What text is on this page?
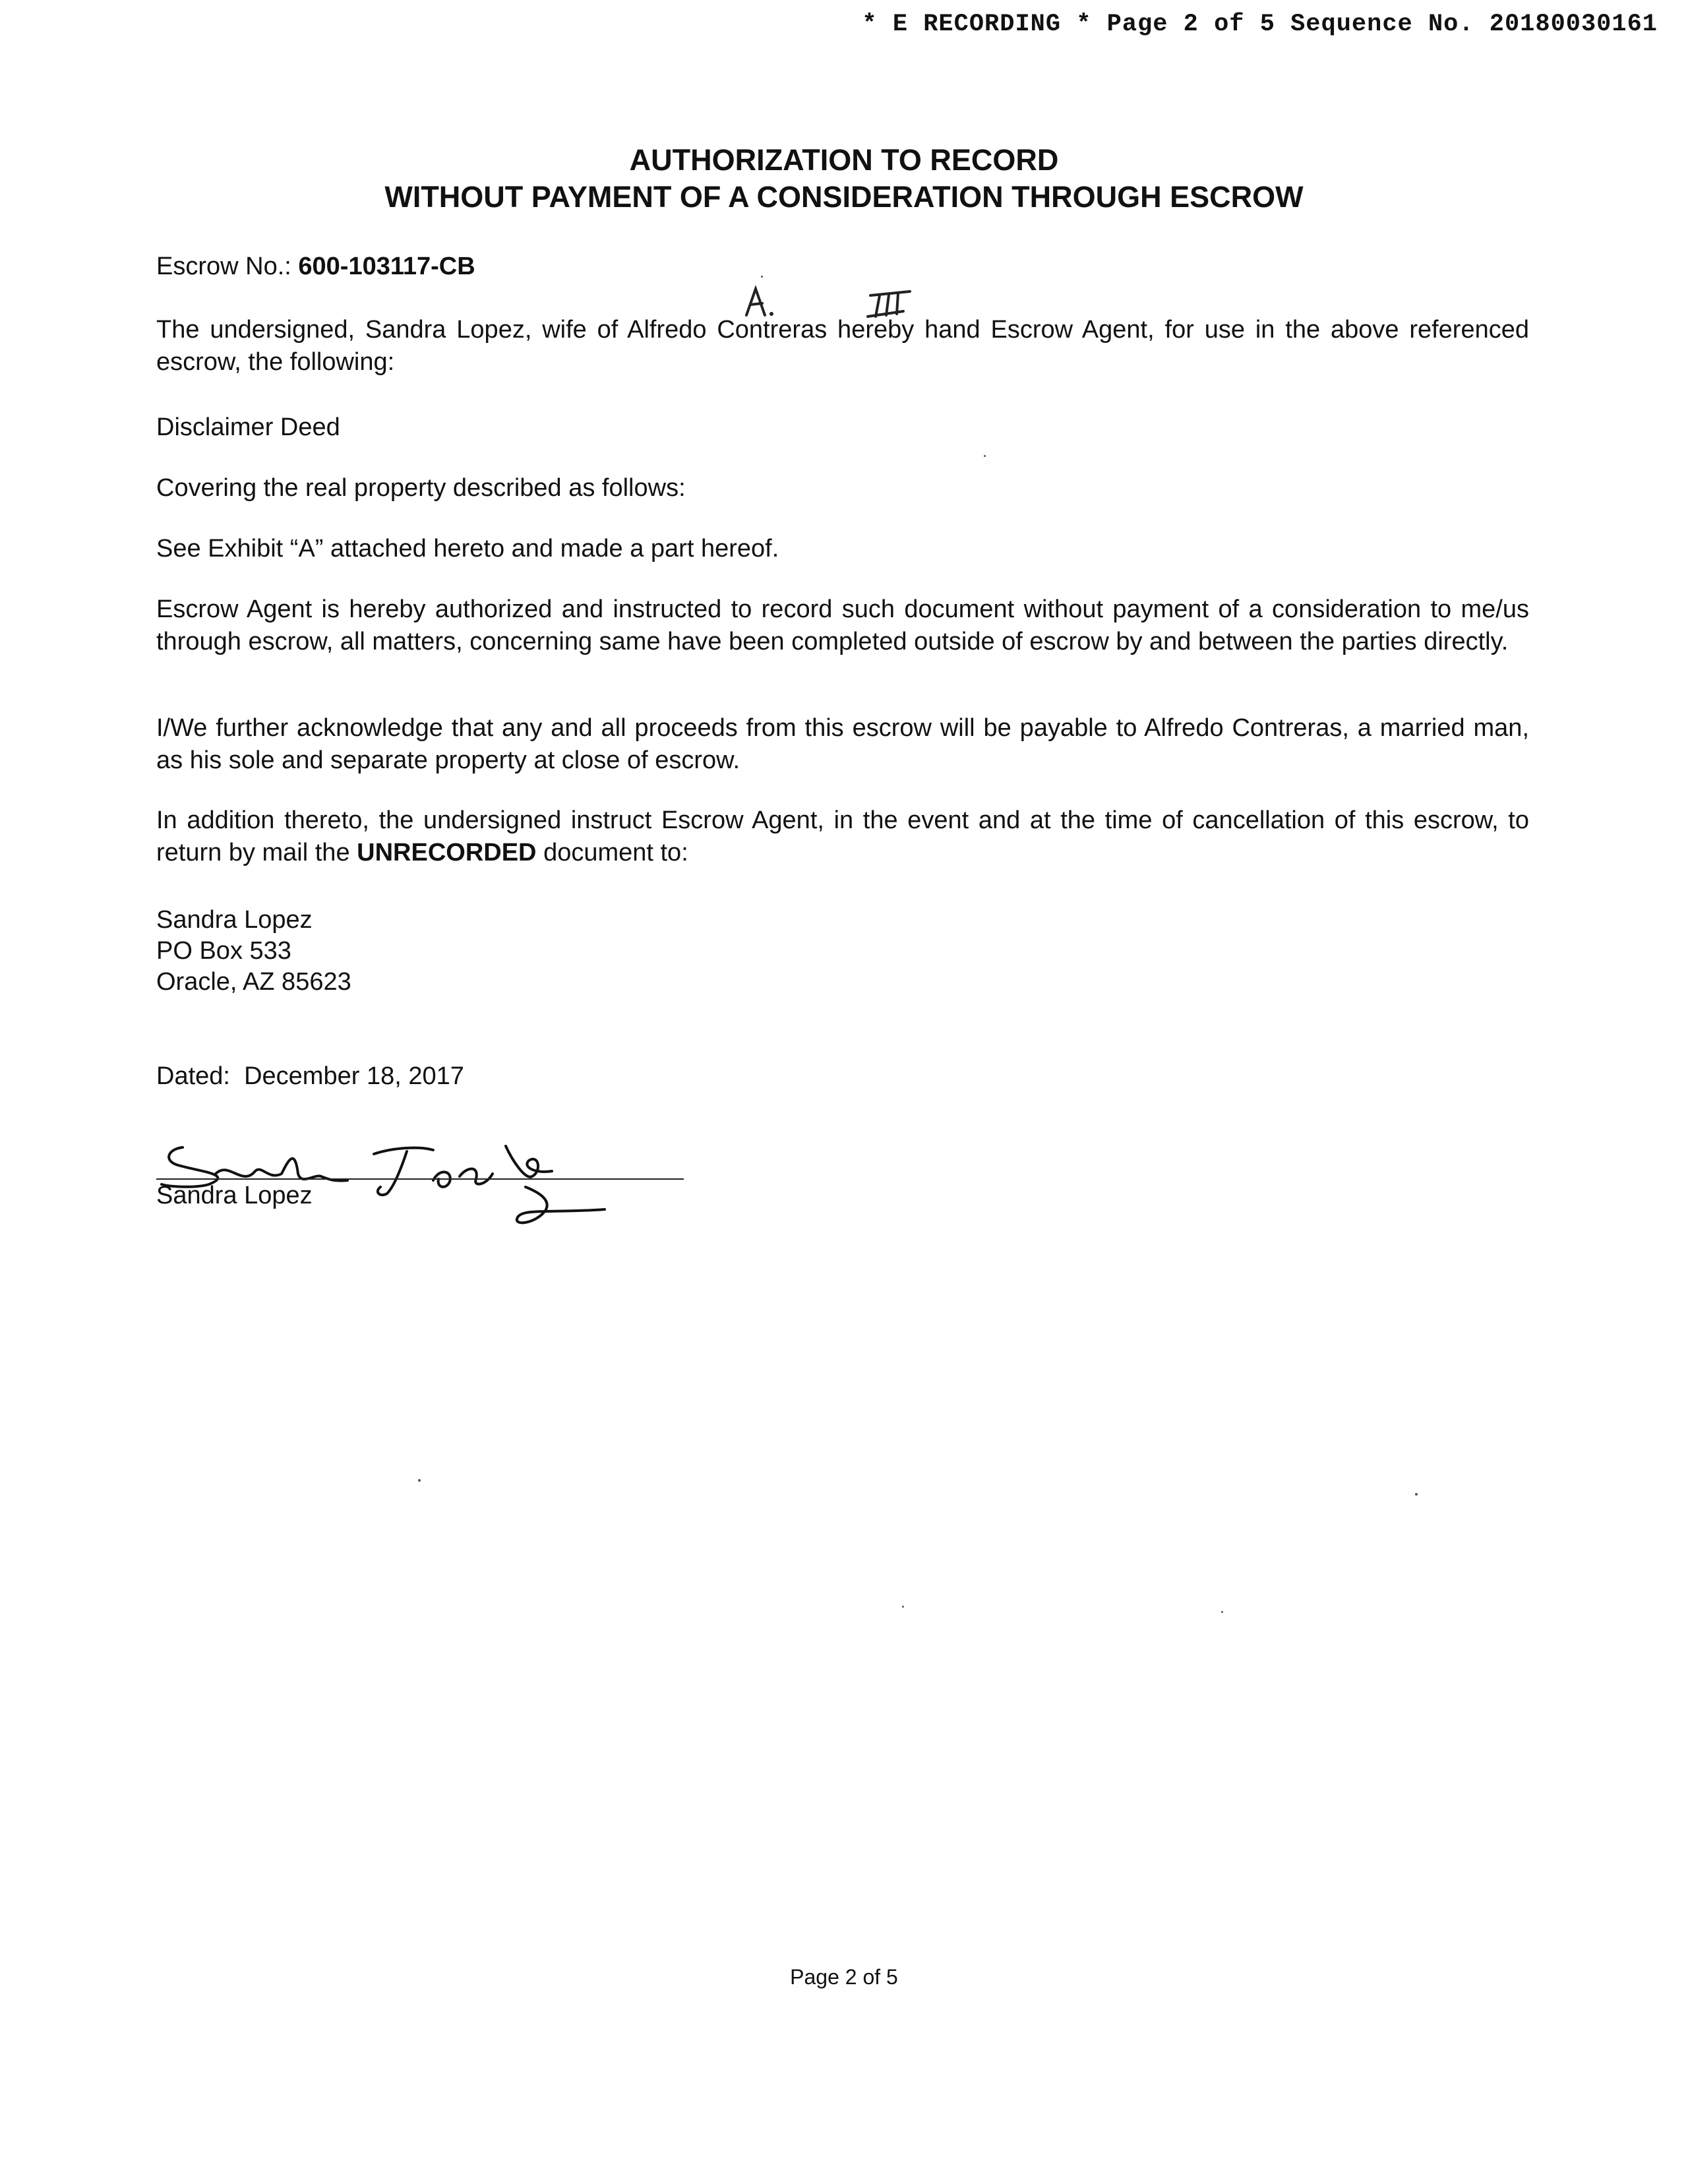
* E RECORDING * Page 2 of 5 Sequence No. 20180030161
AUTHORIZATION TO RECORD
WITHOUT PAYMENT OF A CONSIDERATION THROUGH ESCROW
Escrow No.: 600-103117-CB

The undersigned, Sandra Lopez, wife of Alfredo Contreras hereby hand Escrow Agent, for use in the above referenced escrow, the following:

Disclaimer Deed
Covering the real property described as follows:
See Exhibit “A” attached hereto and made a part hereof.

Escrow Agent is hereby authorized and instructed to record such document without payment of a consideration to me/us through escrow, all matters, concerning same have been completed outside of escrow by and between the parties directly.

I/We further acknowledge that any and all proceeds from this escrow will be payable to Alfredo Contreras, a married man, as his sole and separate property at close of escrow.

In addition thereto, the undersigned instruct Escrow Agent, in the event and at the time of cancellation of this escrow, to return by mail the UNRECORDED document to:

Sandra Lopez
PO Box 533
Oracle, AZ 85623
Dated: December 18, 2017
Sandra Lopez
Page 2 of 5
